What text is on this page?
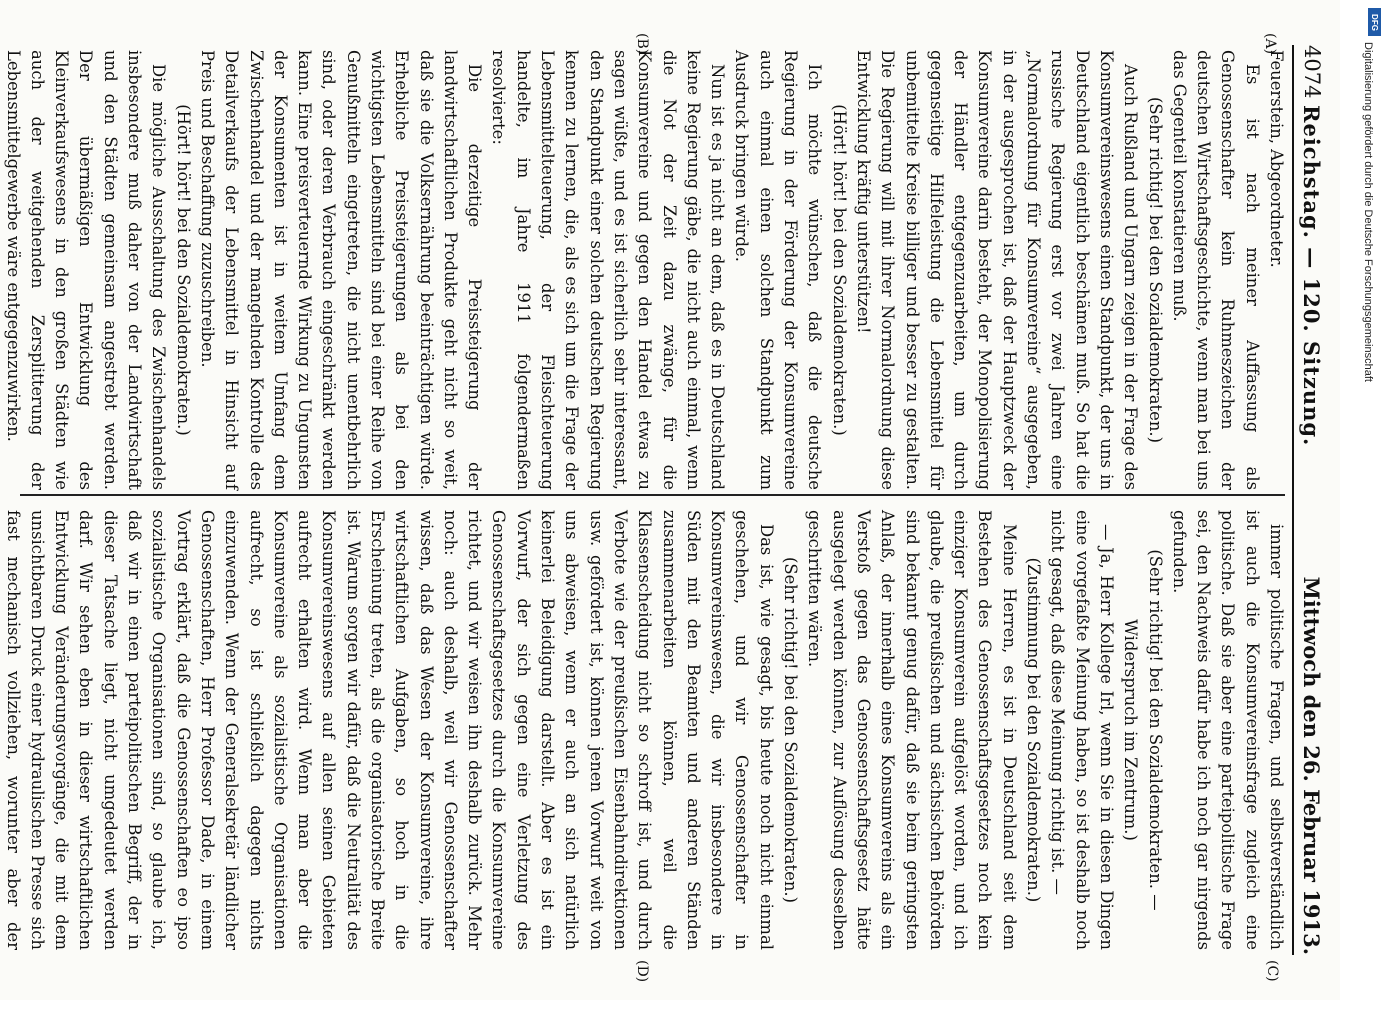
4074
Reichstag. — 120. Sitzung.
Mittwoch den 26. Februar 1913.
(A)
(B)
(C)
(D)

Feuerstein, Abgeordneter.

Es ist nach meiner Auffassung als Genossenschafter kein Ruhmeszeichen der deutschen Wirtschaftsgeschichte, wenn man bei uns das Gegenteil konstatieren muß.

(Sehr richtig! bei den Sozialdemokraten.)

Auch Rußland und Ungarn zeigen in der Frage des Konsumvereinswesens einen Standpunkt, der uns in Deutschland eigentlich beschämen muß. So hat die russische Regierung erst vor zwei Jahren eine „Normalordnung für Konsumvereine“ ausgegeben, in der ausgesprochen ist, daß der Hauptzweck der Konsumvereine darin besteht, der Monopolisierung der Händler entgegenzuarbeiten, um durch gegenseitige Hilfeleistung die Lebensmittel für unbemittelte Kreise billiger und besser zu gestalten. Die Regierung will mit ihrer Normalordnung diese Entwicklung kräftig unterstützen!

(Hört! hört! bei den Sozialdemokraten.)

Ich möchte wünschen, daß die deutsche Regierung in der Förderung der Konsumvereine auch einmal einen solchen Standpunkt zum Ausdruck bringen würde.

Nun ist es ja nicht an dem, daß es in Deutschland keine Regierung gäbe, die nicht auch einmal, wenn die Not der Zeit dazu zwänge, für die Konsumvereine und gegen den Handel etwas zu sagen wüßte, und es ist sicherlich sehr interessant, den Standpunkt einer solchen deutschen Regierung kennen zu lernen, die, als es sich um die Frage der Lebensmittelteuerung, der Fleischteuerung handelte, im Jahre 1911 folgendermaßen resolvierte:

Die derzeitige Preissteigerung der landwirtschaftlichen Produkte geht nicht so weit, daß sie die Volksernährung beeinträchtigen würde. Erhebliche Preissteigerungen als bei den wichtigsten Lebensmitteln sind bei einer Reihe von Genußmitteln eingetreten, die nicht unentbehrlich sind, oder deren Verbrauch eingeschränkt werden kann. Eine preisverteuernde Wirkung zu Ungunsten der Konsumenten ist in weitem Umfang dem Zwischenhandel und der mangelnden Kontrolle des Detailverkaufs der Lebensmittel in Hinsicht auf Preis und Beschaffung zuzuschreiben.

(Hört! hört! bei den Sozialdemokraten.)

Die mögliche Ausschaltung des Zwischenhandels insbesondere muß daher von der Landwirtschaft und den Städten gemeinsam angestrebt werden. Der übermäßigen Entwicklung des Kleinverkaufswesens in den großen Städten wie auch der weitgehenden Zersplitterung der Lebensmittelgewerbe wäre entgegenzuwirken.

immer politische Fragen, und selbstverständlich ist auch die Konsumvereinsfrage zugleich eine politische. Daß sie aber eine parteipolitische Frage sei, den Nachweis dafür habe ich noch gar nirgends gefunden.

(Sehr richtig! bei den Sozialdemokraten. — Widerspruch im Zentrum.)

— Ja, Herr Kollege Irl, wenn Sie in diesen Dingen eine vorgefaßte Meinung haben, so ist deshalb noch nicht gesagt, daß diese Meinung richtig ist. —

(Zustimmung bei den Sozialdemokraten.)

Meine Herren, es ist in Deutschland seit dem Bestehen des Genossenschaftsgesetzes noch kein einziger Konsumverein aufgelöst worden, und ich glaube, die preußischen und sächsischen Behörden sind bekannt genug dafür, daß sie beim geringsten Anlaß, der innerhalb eines Konsumvereins als ein Verstoß gegen das Genossenschaftsgesetz hätte ausgelegt werden können, zur Auflösung desselben geschritten wären.

(Sehr richtig! bei den Sozialdemokraten.)

Das ist, wie gesagt, bis heute noch nicht einmal geschehen, und wir Genossenschafter in Konsumvereinswesen, die wir insbesondere in Süden mit den Beamten und anderen Ständen zusammenarbeiten können, weil die Klassenscheidung nicht so schroff ist, und durch Verbote wie der preußischen Eisenbahndirektionen usw. gefördert ist, können jenen Vorwurf weit von uns abweisen, wenn er auch an sich natürlich keinerlei Beleidigung darstellt. Aber es ist ein Vorwurf, der sich gegen eine Verletzung des Genossenschaftsgesetzes durch die Konsumvereine richtet, und wir weisen ihn deshalb zurück. Mehr noch: auch deshalb, weil wir Genossenschafter wissen, daß das Wesen der Konsumvereine, ihre wirtschaftlichen Aufgaben, so hoch in die Erscheinung treten, als die organisatorische Breite ist. Warum sorgen wir dafür, daß die Neutralität des Konsumvereinswesens auf allen seinen Gebieten aufrecht erhalten wird. Wenn man aber die Konsumvereine als sozialistische Organisationen aufrecht, so ist schließlich dagegen nichts einzuwenden. Wenn der Generalsekretär ländlicher Genossenschaften, Herr Professor Dade, in einem Vortrag erklärt, daß die Genossenschaften eo ipso sozialistische Organisationen sind, so glaube ich, daß wir in einen parteipolitischen Begriff, der in dieser Tatsache liegt, nicht umgedeutet werden darf. Wir sehen eben in dieser wirtschaftlichen Entwicklung Veränderungsvorgänge, die mit dem unsichtbaren Druck einer hydraulischen Presse sich fast mechanisch vollziehen, worunter aber der

DFG
Digitalisierung gefördert durch die Deutsche Forschungsgemeinschaft
